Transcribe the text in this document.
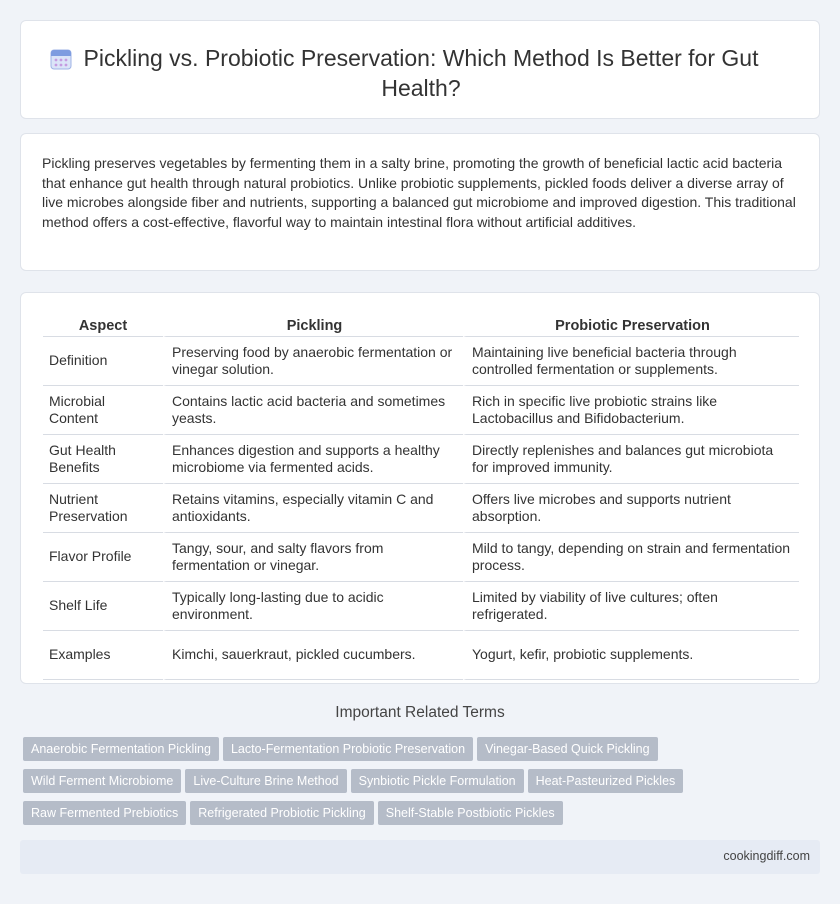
Pickling vs. Probiotic Preservation: Which Method Is Better for Gut Health?

Pickling preserves vegetables by fermenting them in a salty brine, promoting the growth of beneficial lactic acid bacteria that enhance gut health through natural probiotics. Unlike probiotic supplements, pickled foods deliver a diverse array of live microbes alongside fiber and nutrients, supporting a balanced gut microbiome and improved digestion. This traditional method offers a cost-effective, flavorful way to maintain intestinal flora without artificial additives.

Aspect	Pickling	Probiotic Preservation
Definition	Preserving food by anaerobic fermentation or vinegar solution.	Maintaining live beneficial bacteria through controlled fermentation or supplements.
Microbial Content	Contains lactic acid bacteria and sometimes yeasts.	Rich in specific live probiotic strains like Lactobacillus and Bifidobacterium.
Gut Health Benefits	Enhances digestion and supports a healthy microbiome via fermented acids.	Directly replenishes and balances gut microbiota for improved immunity.
Nutrient Preservation	Retains vitamins, especially vitamin C and antioxidants.	Offers live microbes and supports nutrient absorption.
Flavor Profile	Tangy, sour, and salty flavors from fermentation or vinegar.	Mild to tangy, depending on strain and fermentation process.
Shelf Life	Typically long-lasting due to acidic environment.	Limited by viability of live cultures; often refrigerated.
Examples	Kimchi, sauerkraut, pickled cucumbers.	Yogurt, kefir, probiotic supplements.
Important Related Terms
Anaerobic Fermentation Pickling Lacto-Fermentation Probiotic Preservation Vinegar-Based Quick PicklingWild Ferment Microbiome Live-Culture Brine Method Synbiotic Pickle Formulation Heat-Pasteurized PicklesRaw Fermented Prebiotics Refrigerated Probiotic Pickling Shelf-Stable Postbiotic Pickles
cookingdiff.com
